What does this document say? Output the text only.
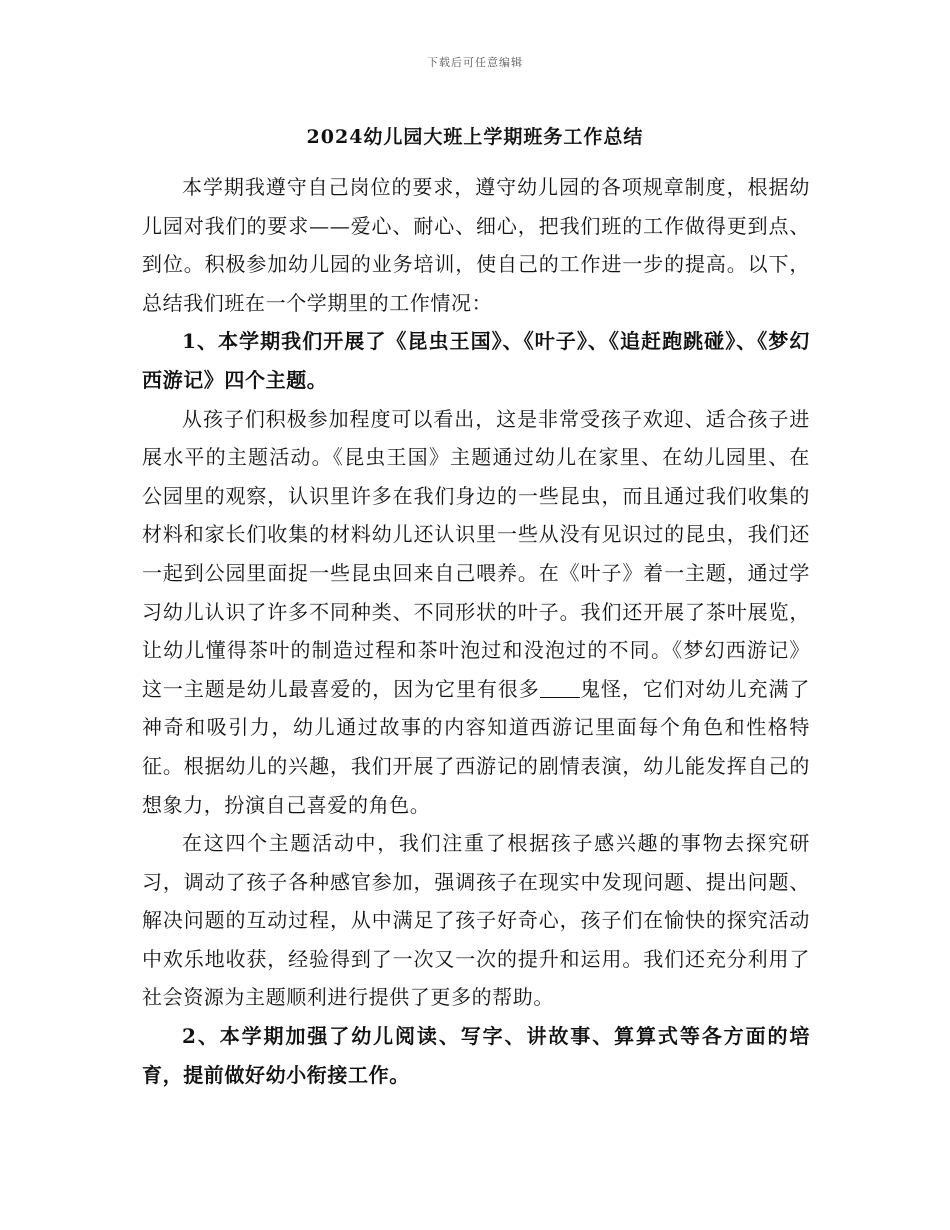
下载后可任意编辑
2024幼儿园大班上学期班务工作总结

本学期我遵守自己岗位的要求，遵守幼儿园的各项规章制度，根据幼儿园对我们的要求——爱心、耐心、细心，把我们班的工作做得更到点、到位。积极参加幼儿园的业务培训，使自己的工作进一步的提高。以下，总结我们班在一个学期里的工作情况：

1、本学期我们开展了《昆虫王国》、《叶子》、《追赶跑跳碰》、《梦幻西游记》四个主题。

从孩子们积极参加程度可以看出，这是非常受孩子欢迎、适合孩子进展水平的主题活动。《昆虫王国》主题通过幼儿在家里、在幼儿园里、在公园里的观察，认识里许多在我们身边的一些昆虫，而且通过我们收集的材料和家长们收集的材料幼儿还认识里一些从没有见识过的昆虫，我们还一起到公园里面捉一些昆虫回来自己喂养。在《叶子》着一主题，通过学习幼儿认识了许多不同种类、不同形状的叶子。我们还开展了茶叶展览，让幼儿懂得茶叶的制造过程和茶叶泡过和没泡过的不同。《梦幻西游记》这一主题是幼儿最喜爱的，因为它里有很多 鬼怪，它们对幼儿充满了神奇和吸引力，幼儿通过故事的内容知道西游记里面每个角色和性格特征。根据幼儿的兴趣，我们开展了西游记的剧情表演，幼儿能发挥自己的想象力，扮演自己喜爱的角色。

在这四个主题活动中，我们注重了根据孩子感兴趣的事物去探究研习，调动了孩子各种感官参加，强调孩子在现实中发现问题、提出问题、解决问题的互动过程，从中满足了孩子好奇心，孩子们在愉快的探究活动中欢乐地收获，经验得到了一次又一次的提升和运用。我们还充分利用了社会资源为主题顺利进行提供了更多的帮助。

2、本学期加强了幼儿阅读、写字、讲故事、算算式等各方面的培育，提前做好幼小衔接工作。
